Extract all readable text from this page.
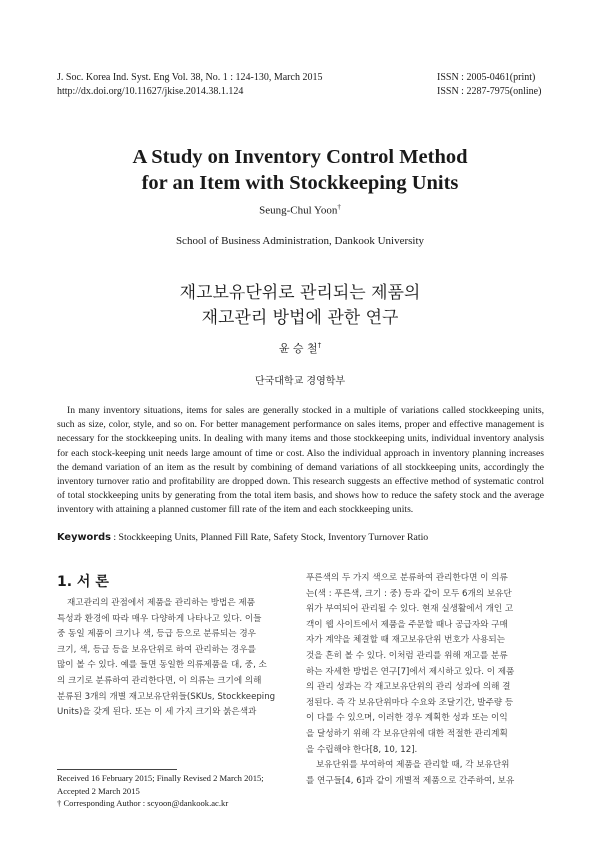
J. Soc. Korea Ind. Syst. Eng Vol. 38, No. 1 : 124-130, March 2015
http://dx.doi.org/10.11627/jkise.2014.38.1.124
ISSN : 2005-0461(print)
ISSN : 2287-7975(online)
A Study on Inventory Control Method
for an Item with Stockkeeping Units
Seung-Chul Yoon†
School of Business Administration, Dankook University
재고보유단위로 관리되는 제품의
재고관리 방법에 관한 연구
윤 승 철†
단국대학교 경영학부

In many inventory situations, items for sales are generally stocked in a multiple of variations called stockkeeping units, such as size, color, style, and so on. For better management performance on sales items, proper and effective management is necessary for the stockkeeping units. In dealing with many items and those stockkeeping units, individual inventory analysis for each stock-keeping unit needs large amount of time or cost. Also the individual approach in inventory planning increases the demand variation of an item as the result by combining of demand variations of all stockkeeping units, accordingly the inventory turnover ratio and profitability are dropped down. This research suggests an effective method of systematic control of total stockkeeping units by generating from the total item basis, and shows how to reduce the safety stock and the average inventory with attaining a planned customer fill rate of the item and each stockkeeping units.

Keywords : Stockkeeping Units, Planned Fill Rate, Safety Stock, Inventory Turnover Ratio
1. 서 론

재고관리의 관점에서 제품을 관리하는 방법은 제품

특성과 환경에 따라 매우 다양하게 나타나고 있다. 이들

중 동일 제품이 크기나 색, 등급 등으로 분류되는 경우

크기, 색, 등급 등을 보유단위로 하여 관리하는 경우를

많이 볼 수 있다. 예를 들면 동일한 의류제품을 대, 중, 소

의 크기로 분류하여 관리한다면, 이 의류는 크기에 의해

분류된 3개의 개별 재고보유단위들(SKUs, Stockkeeping

Units)을 갖게 된다. 또는 이 세 가지 크기와 붉은색과

푸른색의 두 가지 색으로 분류하여 관리한다면 이 의류

는(색 : 푸른색, 크기 : 중) 등과 같이 모두 6개의 보유단

위가 부여되어 관리될 수 있다. 현재 실생활에서 개인 고

객이 웹 사이트에서 제품을 주문할 때나 공급자와 구매

자가 계약을 체결할 때 재고보유단위 번호가 사용되는

것을 흔히 볼 수 있다. 이처럼 관리를 위해 재고를 분류

하는 자세한 방법은 연구[7]에서 제시하고 있다. 이 제품

의 관리 성과는 각 재고보유단위의 관리 성과에 의해 결

정된다. 즉 각 보유단위마다 수요와 조달기간, 발주량 등

이 다를 수 있으며, 이러한 경우 계획한 성과 또는 이익

을 달성하기 위해 각 보유단위에 대한 적절한 관리계획

을 수립해야 한다[8, 10, 12].

보유단위를 부여하여 제품을 관리할 때, 각 보유단위

를 연구들[4, 6]과 같이 개별적 제품으로 간주하여, 보유

Received 16 February 2015; Finally Revised 2 March 2015;
Accepted 2 March 2015
† Corresponding Author : scyoon@dankook.ac.kr
